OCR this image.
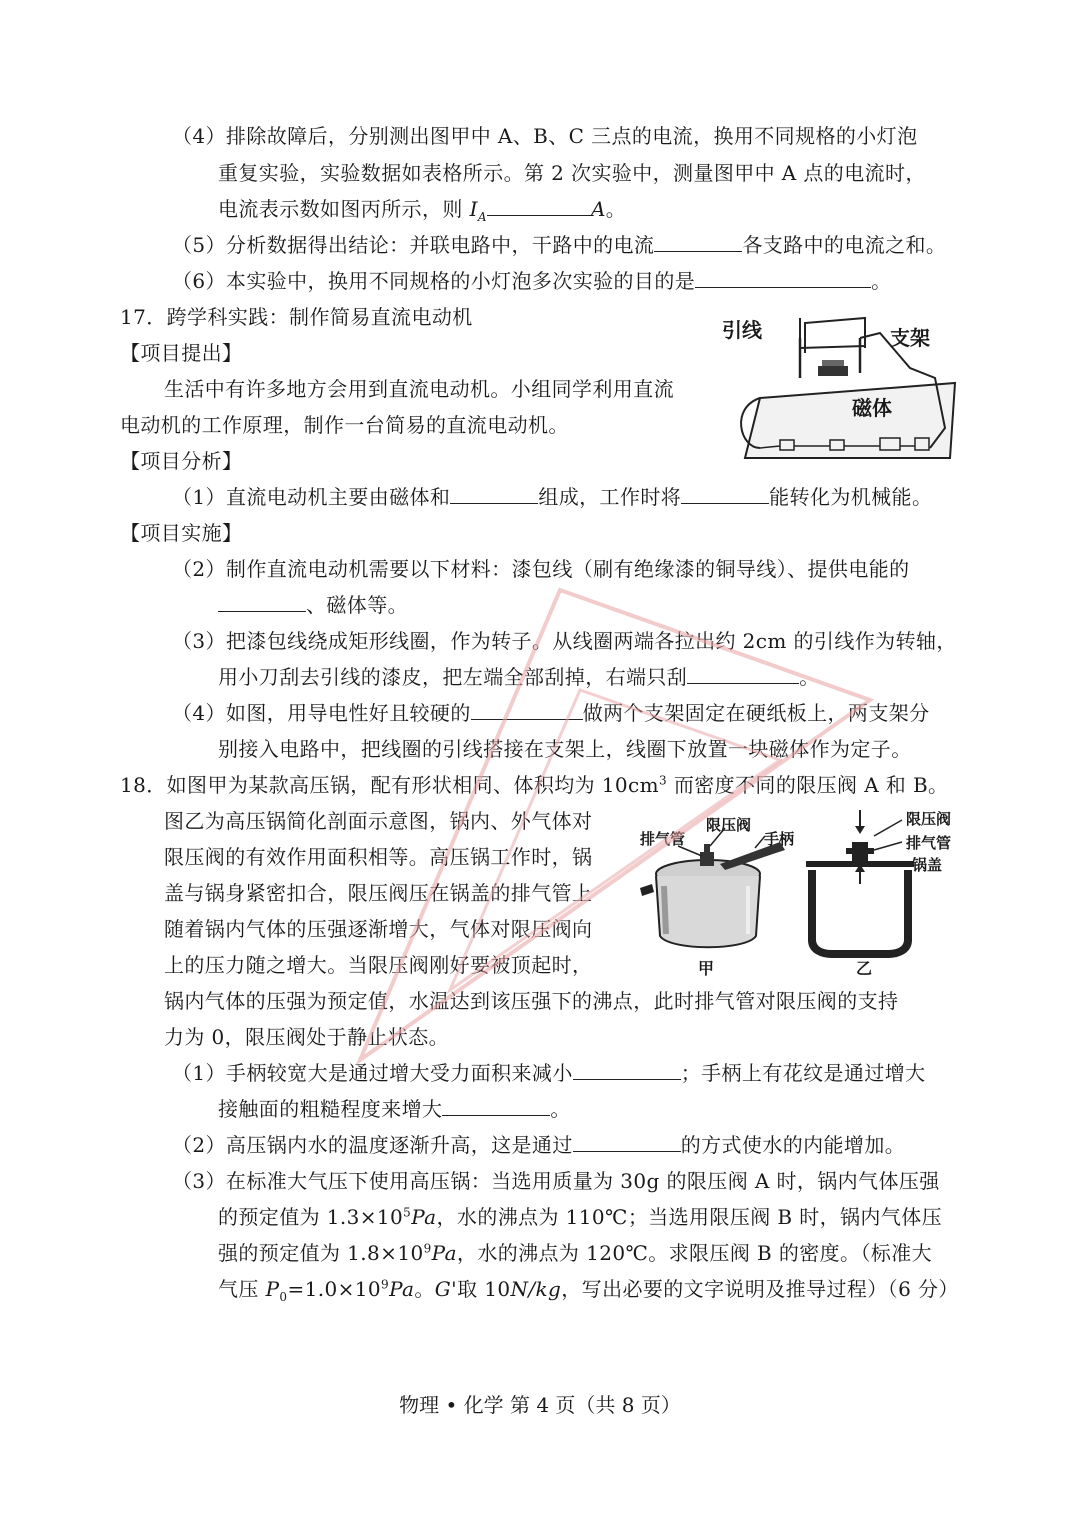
（4）排除故障后，分别测出图甲中 A、B、C 三点的电流，换用不同规格的小灯泡
重复实验，实验数据如表格所示。第 2 次实验中，测量图甲中 A 点的电流时，
电流表示数如图丙所示，则 $I_A$	A。
（5）分析数据得出结论：并联电路中，干路中的电流	各支路中的电流之和。
（6）本实验中，换用不同规格的小灯泡多次实验的目的是	。
17．跨学科实践：制作简易直流电动机
【项目提出】
生活中有许多地方会用到直流电动机。小组同学利用直流
电动机的工作原理，制作一台简易的直流电动机。
【项目分析】
（1）直流电动机主要由磁体和	组成，工作时将	能转化为机械能。
【项目实施】
（2）制作直流电动机需要以下材料：漆包线（刷有绝缘漆的铜导线）、提供电能的
、磁体等。
（3）把漆包线绕成矩形线圈，作为转子。从线圈两端各拉出约 2cm 的引线作为转轴，
用小刀刮去引线的漆皮，把左端全部刮掉，右端只刮	。
（4）如图，用导电性好且较硬的	做两个支架固定在硬纸板上，两支架分
别接入电路中，把线圈的引线搭接在支架上，线圈下放置一块磁体作为定子。
引线	支架
磁体
18．如图甲为某款高压锅，配有形状相同、体积均为 $10cm^3$ 而密度不同的限压阀 A 和 B。
图乙为高压锅简化剖面示意图，锅内、外气体对
限压阀的有效作用面积相等。高压锅工作时，锅
盖与锅身紧密扣合，限压阀压在锅盖的排气管上
随着锅内气体的压强逐渐增大，气体对限压阀向
上的压力随之增大。当限压阀刚好要被顶起时，
锅内气体的压强为预定值，水温达到该压强下的沸点，此时排气管对限压阀的支持
力为 0，限压阀处于静止状态。
（1）手柄较宽大是通过增大受力面积来减小	；手柄上有花纹是通过增大
接触面的粗糙程度来增大	。
（2）高压锅内水的温度逐渐升高，这是通过	的方式使水的内能增加。
（3）在标准大气压下使用高压锅：当选用质量为 30g 的限压阀 A 时，锅内气体压强
的预定值为 $1.3\times 10^5Pa$，水的沸点为 110℃；当选用限压阀 B 时，锅内气体压
强的预定值为 $1.8\times 10^9Pa$，水的沸点为 120℃。求限压阀 B 的密度。（标准大
气压 $P_0=1.0\times 10^9Pa$。G'取 10N/kg，写出必要的文字说明及推导过程）（6 分）
排气管
限压阀
手柄
限压阀
排气管
锅盖
甲	乙
物理 • 化学 第 4 页（共 8 页）
